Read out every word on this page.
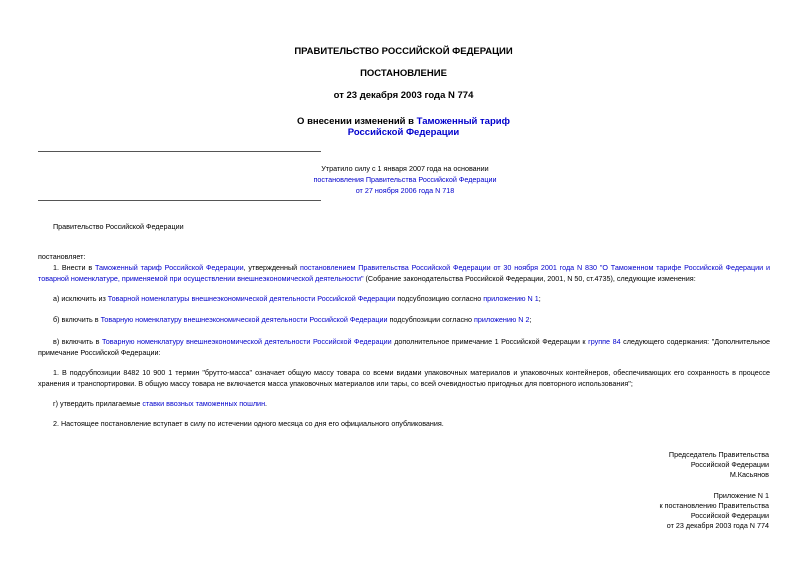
ПРАВИТЕЛЬСТВО РОССИЙСКОЙ ФЕДЕРАЦИИ
ПОСТАНОВЛЕНИЕ
от 23 декабря 2003 года N 774
О внесении изменений в Таможенный тариф
Российской Федерации
Утратило силу с 1 января 2007 года на основании
постановления Правительства Российской Федерации
от 27 ноября 2006 года N 718
Правительство Российской Федерации
постановляет:
1. Внести в Таможенный тариф Российской Федерации, утвержденный постановлением Правительства Российской Федерации от 30 ноября 2001 года N 830 "О Таможенном тарифе Российской Федерации и товарной номенклатуре, применяемой при осуществлении внешнеэкономической деятельности" (Собрание законодательства Российской Федерации, 2001, N 50, ст.4735), следующие изменения:
а) исключить из Товарной номенклатуры внешнеэкономической деятельности Российской Федерации подсубпозицию согласно приложению N 1;
б) включить в Товарную номенклатуру внешнеэкономической деятельности Российской Федерации подсубпозиции согласно приложению N 2;
в) включить в Товарную номенклатуру внешнеэкономической деятельности Российской Федерации дополнительное примечание 1 Российской Федерации к группе 84 следующего содержания: "Дополнительное примечание Российской Федерации:
1. В подсубпозиции 8482 10 900 1 термин "брутто-масса" означает общую массу товара со всеми видами упаковочных материалов и упаковочных контейнеров, обеспечивающих его сохранность в процессе хранения и транспортировки. В общую массу товара не включается масса упаковочных материалов или тары, со всей очевидностью пригодных для повторного использования";
г) утвердить прилагаемые ставки ввозных таможенных пошлин.
2. Настоящее постановление вступает в силу по истечении одного месяца со дня его официального опубликования.
Председатель Правительства
Российской Федерации
М.Касьянов
Приложение N 1
к постановлению Правительства
Российской Федерации
от 23 декабря 2003 года N 774
